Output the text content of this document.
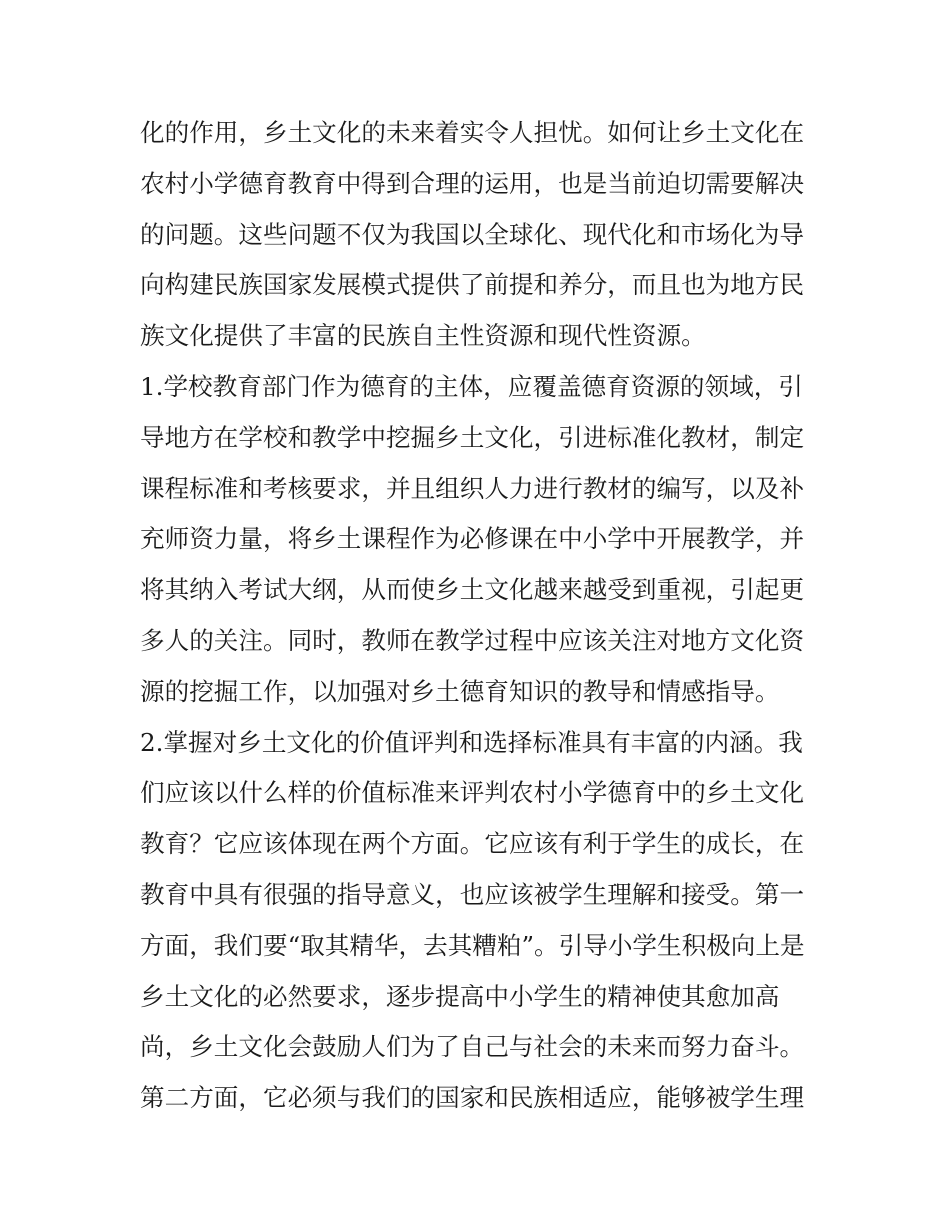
化的作用，乡土文化的未来着实令人担忧。如何让乡土文化在
农村小学德育教育中得到合理的运用，也是当前迫切需要解决
的问题。这些问题不仅为我国以全球化、现代化和市场化为导
向构建民族国家发展模式提供了前提和养分，而且也为地方民
族文化提供了丰富的民族自主性资源和现代性资源。
1.学校教育部门作为德育的主体，应覆盖德育资源的领域，引
导地方在学校和教学中挖掘乡土文化，引进标准化教材，制定
课程标准和考核要求，并且组织人力进行教材的编写，以及补
充师资力量，将乡土课程作为必修课在中小学中开展教学，并
将其纳入考试大纲，从而使乡土文化越来越受到重视，引起更
多人的关注。同时，教师在教学过程中应该关注对地方文化资
源的挖掘工作，以加强对乡土德育知识的教导和情感指导。
2.掌握对乡土文化的价值评判和选择标准具有丰富的内涵。我
们应该以什么样的价值标准来评判农村小学德育中的乡土文化
教育？它应该体现在两个方面。它应该有利于学生的成长，在
教育中具有很强的指导意义，也应该被学生理解和接受。第一
方面，我们要“取其精华，去其糟粕”。引导小学生积极向上是
乡土文化的必然要求，逐步提高中小学生的精神使其愈加高
尚，乡土文化会鼓励人们为了自己与社会的未来而努力奋斗。
第二方面，它必须与我们的国家和民族相适应，能够被学生理
